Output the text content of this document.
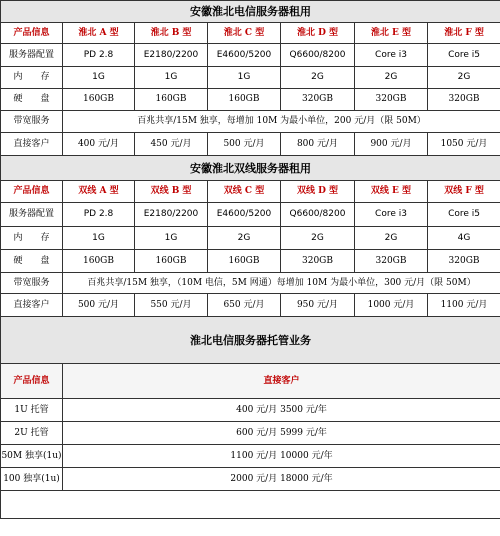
安徽淮北电信服务器租用						
产品信息	淮北 A 型	淮北 B 型	淮北 C 型	淮北 D 型	淮北 E 型	淮北 F 型
服务器配置	PD 2.8	E2180/2200	E4600/5200	Q6600/8200	Core i3	Core i5
内　　存	1G	1G	1G	2G	2G	2G
硬　　盘	160GB	160GB	160GB	320GB	320GB	320GB
带宽服务	百兆共享/15M 独享，每增加 10M 为最小单位，200 元/月（限 50M）					
直接客户	400 元/月	450 元/月	500 元/月	800 元/月	900 元/月	1050 元/月
安徽淮北双线服务器租用						
产品信息	双线 A 型	双线 B 型	双线 C 型	双线 D 型	双线 E 型	双线 F 型
服务器配置	PD 2.8	E2180/2200	E4600/5200	Q6600/8200	Core i3	Core i5
内　　存	1G	1G	2G	2G	2G	4G
硬　　盘	160GB	160GB	160GB	320GB	320GB	320GB
带宽服务	百兆共享/15M 独享，（10M 电信，5M 网通）每增加 10M 为最小单位，300 元/月（限 50M）					
直接客户	500 元/月	550 元/月	650 元/月	950 元/月	1000 元/月	1100 元/月
淮北电信服务器托管业务						
产品信息	直接客户					
1U 托管	400 元/月 3500 元/年					
2U 托管	600 元/月 5999 元/年					
50M 独享(1u)	1100 元/月 10000 元/年					
100 独享(1u)	2000 元/月 18000 元/年					
